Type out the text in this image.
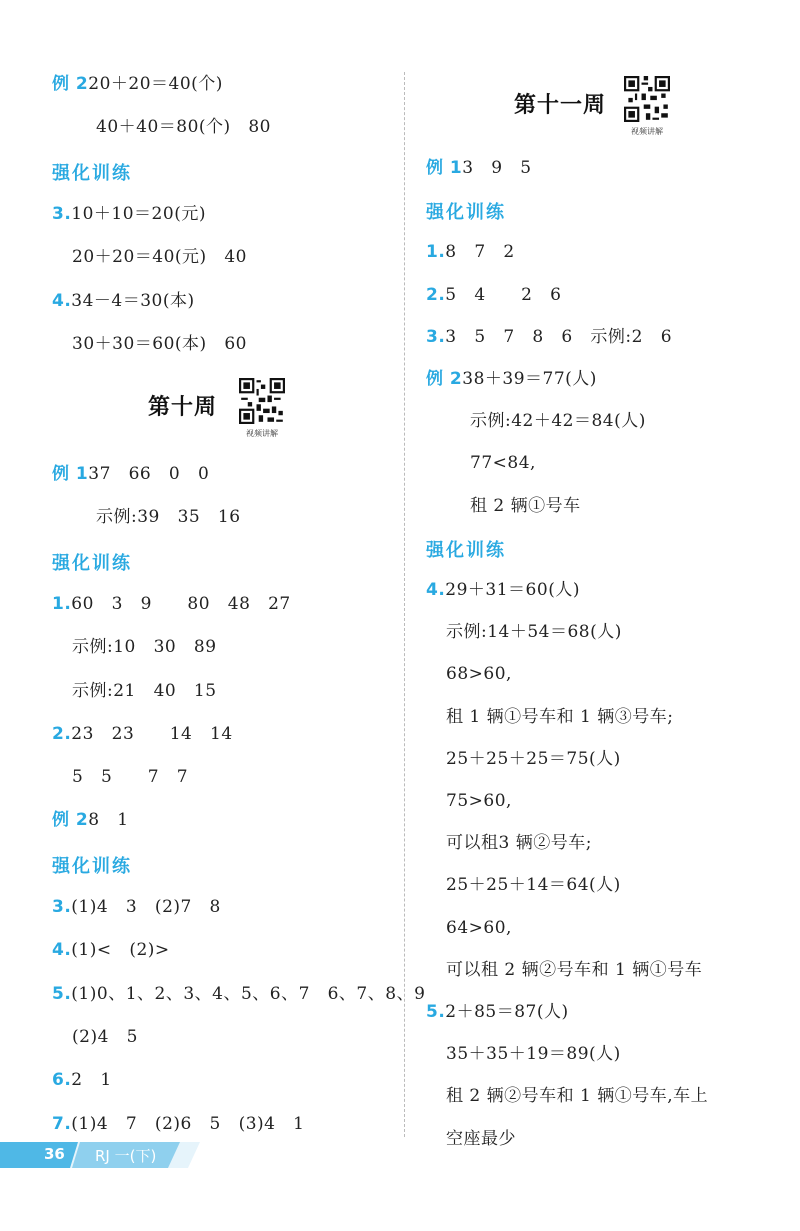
例 220＋20＝40(个)
40＋40＝80(个)   80
强化训练
3.10＋10＝20(元)
20＋20＝40(元)   40
4.34－4＝30(本)
30＋30＝60(本)   60
第十周
视频讲解
例 137   66   0   0
示例:39   35   16
强化训练
1.60   3   9      80   48   27
示例:10   30   89
示例:21   40   15
2.23   23      14   14
5   5      7   7
例 28   1
强化训练
3.(1)4   3   (2)7   8
4.(1)<   (2)>
5.(1)0、1、2、3、4、5、6、7   6、7、8、9
(2)4   5
6.2   1
7.(1)4   7   (2)6   5   (3)4   1
第十一周
视频讲解
例 13   9   5
强化训练
1.8   7   2
2.5   4      2   6
3.3   5   7   8   6   示例:2   6
例 238＋39＝77(人)
示例:42＋42＝84(人)
77<84,
租 2 辆①号车
强化训练
4.29＋31＝60(人)
示例:14＋54＝68(人)
68>60,
租 1 辆①号车和 1 辆③号车;
25＋25＋25＝75(人)
75>60,
可以租3 辆②号车;
25＋25＋14＝64(人)
64>60,
可以租 2 辆②号车和 1 辆①号车
5.2＋85＝87(人)
35＋35＋19＝89(人)
租 2 辆②号车和 1 辆①号车,车上
空座最少
36 RJ 一(下)
